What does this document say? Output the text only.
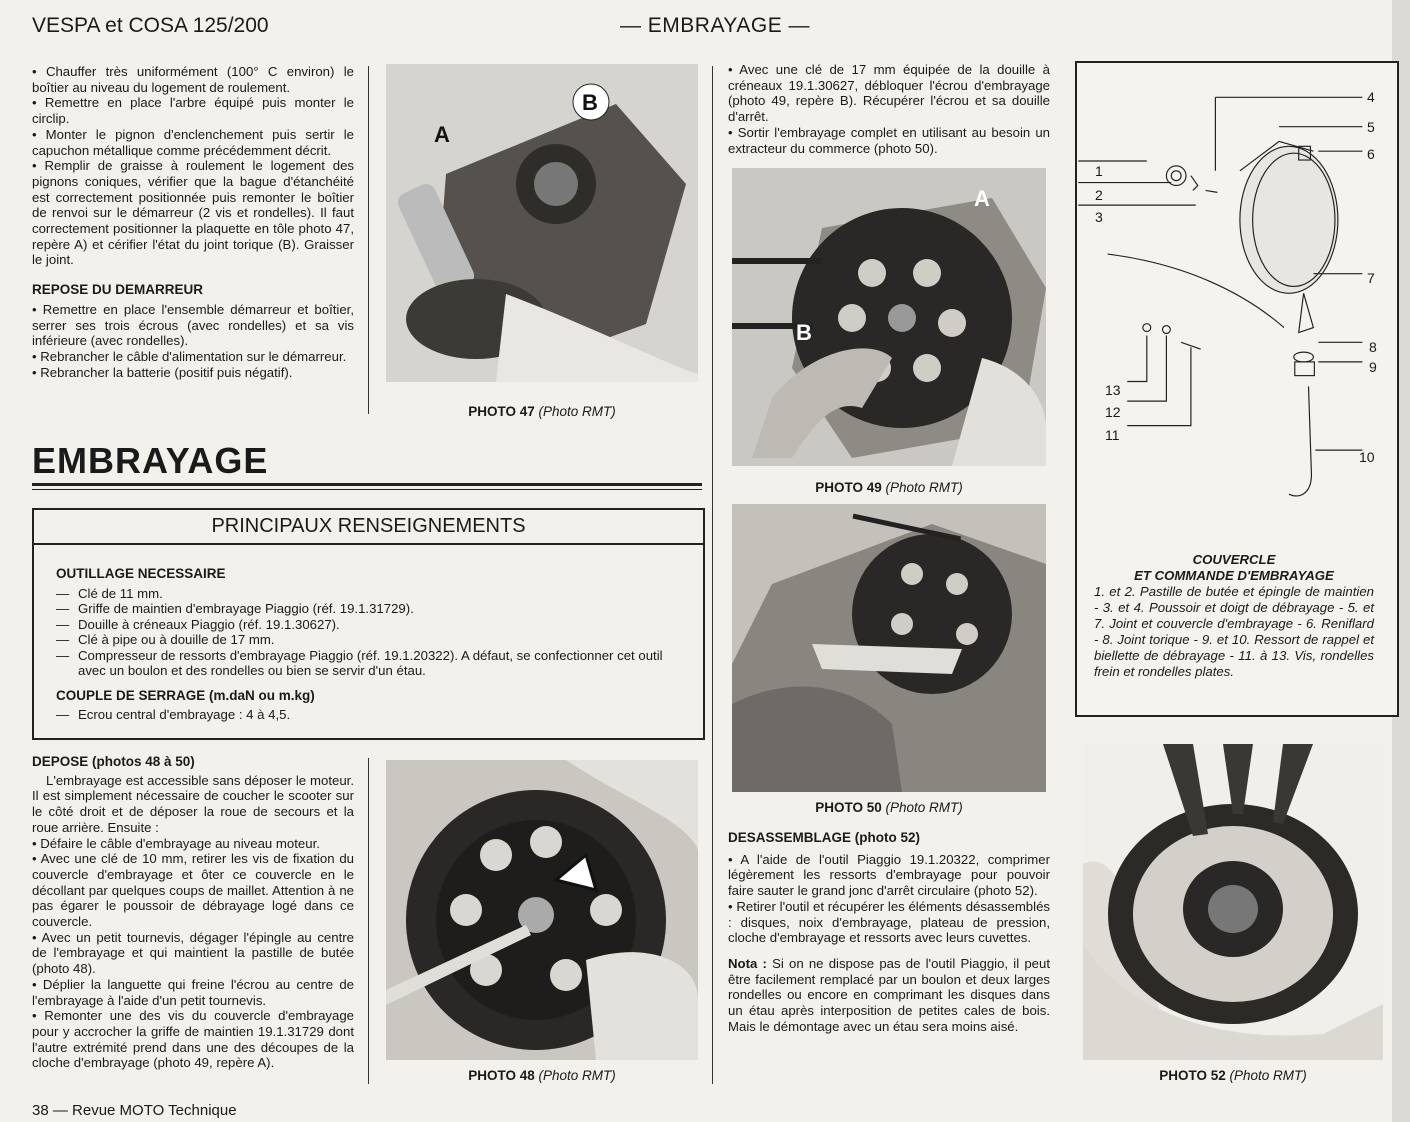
VESPA et COSA 125/200	— EMBRAYAGE —

• Chauffer très uniformément (100° C environ) le boîtier au niveau du logement de roulement.

• Remettre en place l'arbre équipé puis monter le circlip.

• Monter le pignon d'enclenchement puis sertir le capuchon métallique comme précédemment décrit.

• Remplir de graisse à roulement le logement des pignons coniques, vérifier que la bague d'étanchéité est correctement positionnée puis remonter le boîtier de renvoi sur le démarreur (2 vis et rondelles). Il faut correctement positionner la plaquette en tôle photo 47, repère A) et cérifier l'état du joint torique (B). Graisser le joint.

REPOSE DU DEMARREUR

• Remettre en place l'ensemble démarreur et boîtier, serrer ses trois écrous (avec rondelles) et sa vis inférieure (avec rondelles).

• Rebrancher le câble d'alimentation sur le démarreur.

• Rebrancher la batterie (positif puis négatif).

A
B
PHOTO 47 (Photo RMT)
EMBRAYAGE
PRINCIPAUX RENSEIGNEMENTS

OUTILLAGE NECESSAIRE

— Clé de 11 mm.
— Griffe de maintien d'embrayage Piaggio (réf. 19.1.31729).
— Douille à créneaux Piaggio (réf. 19.1.30627).
— Clé à pipe ou à douille de 17 mm.
— Compresseur de ressorts d'embrayage Piaggio (réf. 19.1.20322). A défaut, se confectionner cet outil avec un boulon et des rondelles ou bien se servir d'un étau.

COUPLE DE SERRAGE (m.daN ou m.kg)

— Ecrou central d'embrayage : 4 à 4,5.

DEPOSE (photos 48 à 50)

L'embrayage est accessible sans déposer le moteur. Il est simplement nécessaire de coucher le scooter sur le côté droit et de déposer la roue de secours et la roue arrière. Ensuite :

• Défaire le câble d'embrayage au niveau moteur.

• Avec une clé de 10 mm, retirer les vis de fixation du couvercle d'embrayage et ôter ce couvercle en le décollant par quelques coups de maillet. Attention à ne pas égarer le poussoir de débrayage logé dans ce couvercle.

• Avec un petit tournevis, dégager l'épingle au centre de l'embrayage et qui maintient la pastille de butée (photo 48).

• Déplier la languette qui freine l'écrou au centre de l'embrayage à l'aide d'un petit tournevis.

• Remonter une des vis du couvercle d'embrayage pour y accrocher la griffe de maintien 19.1.31729 dont l'autre extrémité prend dans une des découpes de la cloche d'embrayage (photo 49, repère A).

PHOTO 48 (Photo RMT)

• Avec une clé de 17 mm équipée de la douille à créneaux 19.1.30627, débloquer l'écrou d'embrayage (photo 49, repère B). Récupérer l'écrou et sa douille d'arrêt.

• Sortir l'embrayage complet en utilisant au besoin un extracteur du commerce (photo 50).

A
B
PHOTO 49 (Photo RMT)
PHOTO 50 (Photo RMT)

DESASSEMBLAGE (photo 52)

• A l'aide de l'outil Piaggio 19.1.20322, comprimer légèrement les ressorts d'embrayage pour pouvoir faire sauter le grand jonc d'arrêt circulaire (photo 52).

• Retirer l'outil et récupérer les éléments désassemblés : disques, noix d'embrayage, plateau de pression, cloche d'embrayage et ressorts avec leurs cuvettes.

Nota : Si on ne dispose pas de l'outil Piaggio, il peut être facilement remplacé par un boulon et deux larges rondelles ou encore en comprimant les disques dans un étau après interposition de petites cales de bois. Mais le démontage avec un étau sera moins aisé.

1
2
3
4
5
6
7
8
9
10
11
12
13
COUVERCLE
ET COMMANDE D'EMBRAYAGE
1. et 2. Pastille de butée et épingle de maintien - 3. et 4. Poussoir et doigt de débrayage - 5. et 7. Joint et couvercle d'embrayage - 6. Reniflard - 8. Joint torique - 9. et 10. Ressort de rappel et biellette de débrayage - 11. à 13. Vis, rondelles frein et rondelles plates.
PHOTO 52 (Photo RMT)
38 — Revue MOTO Technique
